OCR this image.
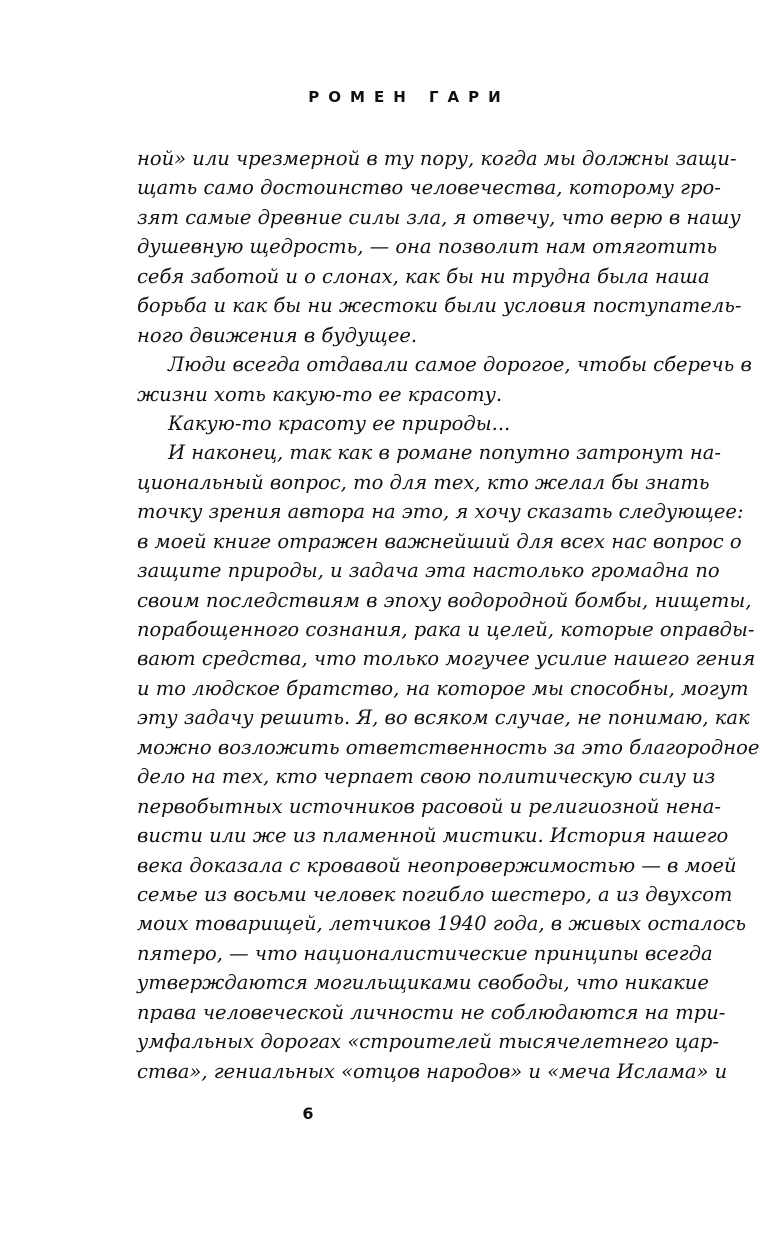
РОМЕН ГАРИ
ной» или чрезмерной в ту пору, когда мы должны защи-
щать само достоинство человечества, которому гро-
зят самые древние силы зла, я отвечу, что верю в нашу
душевную щедрость, — она позволит нам отяготить
себя заботой и о слонах, как бы ни трудна была наша
борьба и как бы ни жестоки были условия поступатель-
ного движения в будущее.
Люди всегда отдавали самое дорогое, чтобы сберечь в
жизни хоть какую-то ее красоту.
Какую-то красоту ее природы...
И наконец, так как в романе попутно затронут на-
циональный вопрос, то для тех, кто желал бы знать
точку зрения автора на это, я хочу сказать следующее:
в моей книге отражен важнейший для всех нас вопрос о
защите природы, и задача эта настолько громадна по
своим последствиям в эпоху водородной бомбы, нищеты,
порабощенного сознания, рака и целей, которые оправды-
вают средства, что только могучее усилие нашего гения
и то людское братство, на которое мы способны, могут
эту задачу решить. Я, во всяком случае, не понимаю, как
можно возложить ответственность за это благородное
дело на тех, кто черпает свою политическую силу из
первобытных источников расовой и религиозной нена-
висти или же из пламенной мистики. История нашего
века доказала с кровавой неопровержимостью — в моей
семье из восьми человек погибло шестеро, а из двухсот
моих товарищей, летчиков 1940 года, в живых осталось
пятеро, — что националистические принципы всегда
утверждаются могильщиками свободы, что никакие
права человеческой личности не соблюдаются на три-
умфальных дорогах «строителей тысячелетнего цар-
ства», гениальных «отцов народов» и «меча Ислама» и
6
